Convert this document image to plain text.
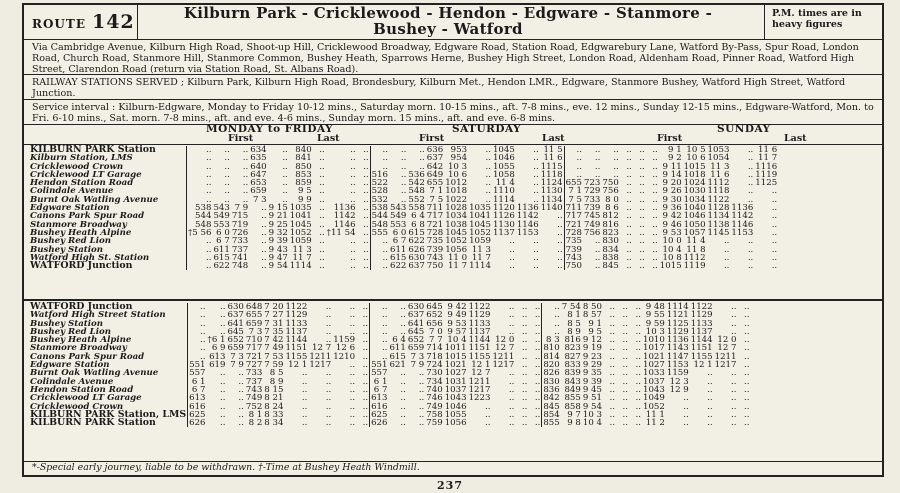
ROUTE 142	Kilburn Park - Cricklewood - Hendon - Edgware - Stanmore -
Bushey - Watford
P.M. times are in heavy figures
Via Cambridge Avenue, Kilburn High Road, Shoot-up Hill, Cricklewood Broadway, Edgware Road, Station Road, Edgwarebury Lane, Watford By-Pass, Spur Road, London Road, Church Road, Stanmore Hill, Stanmore Common, Bushey Heath, Sparrows Herne, Bushey High Street, London Road, Aldenham Road, Pinner Road, Watford High Street, Clarendon Road (return via Station Road, St. Albans Road).
RAILWAY STATIONS SERVED ; Kilburn Park, Kilburn High Road, Brondesbury, Kilburn Met., Hendon LMR., Edgware, Stanmore Bushey, Watford High Street, Watford Junction.
Service interval : Kilburn-Edgware, Monday to Friday 10-12 mins., Saturday morn. 10-15 mins., aft. 7-8 mins., eve. 12 mins., Sunday 12-15 mins., Edgware-Watford, Mon. to Fri. 6-10 mins., Sat. morn. 7-8 mins., aft. and eve. 4-6 mins., Sunday morn. 15 mins., aft. and eve. 6-8 mins.
MONDAY to FRIDAY	SATURDAY	SUNDAY
First	Last	First	Last	First	Last
KILBURN PARK Station	..	..	..	634	..	840	..	..	..	..	..	..	636	953	..	1045	..	11 5	..	..	..	..	..	..	9 1	10 5	1053	..	11 6
Kilburn Station, LMS	..	..	..	635	..	841	..	..	..	..	..	..	637	954	..	1046	..	11 6	..	..	..	..	..	..	9 2	10 6	1054	..	11 7
Cricklewood Crown	..	..	..	640	..	850	..	..	..	..	..	..	642	10 3	..	1055	..	1115	..	..	..	..	..	..	9 11	1015	11 3	..	1116
Cricklewood LT Garage	..	..	..	647	..	853	..	..	..	516	..	536	649	10 6	..	1058	..	1118	..	..	..	..	..	..	9 14	1018	11 6	..	1119
Hendon Station Road	..	..	..	653	..	859	..	..	..	522	..	542	655	1012	..	11 4	..	1124	655	723	750	..	..	..	9 20	1024	1112	..	1125
Colindale Avenue	..	..	..	659	..	9 5	..	..	..	528	..	548	7 1	1018	..	1110	..	1130	7 1	729	756	..	..	..	9 26	1030	1118	..	..
Burnt Oak Watling Avenue	..	..	..	7 3	..	9 9	..	..	..	532	..	552	7 5	1022	..	1114	..	1134	7 5	733	8 0	..	..	..	9 30	1034	1122	..	..
Edgware Station	538	543	7 9	..	9 15	1035	..	1136	..	538	543	558	711	1028	1035	1120	1136	1140	711	739	8 6	..	..	..	9 36	1040	1128	1136	..
Canons Park Spur Road	544	549	715	..	9 21	1041	..	1142	..	544	549	6 4	717	1034	1041	1126	1142	..	717	745	812	..	..	..	9 42	1046	1134	1142	..
Stanmore Broadway	548	553	719	..	9 25	1045	..	1146	..	548	553	6 8	721	1038	1045	1130	1146	..	721	749	816	..	..	..	9 46	1050	1138	1146	..
Bushey Heath Alpine	†5 56	6 0	726	..	9 32	1052	..	†11 54	..	555	6 0	615	728	1045	1052	1137	1153	..	728	756	823	..	..	..	9 53	1057	1145	1153	..
Bushey Red Lion	..	6 7	733	..	9 39	1059	..	..	..	..	6 7	622	735	1052	1059	..	..	..	735	..	830	..	..	..	10 0	11 4	..	..	..
Bushey Station	..	611	737	..	9 43	11 3	..	..	..	..	611	626	739	1056	11 3	..	..	..	739	..	834	..	..	..	10 4	11 8	..	..	..
Watford High St. Station	..	615	741	..	9 47	11 7	..	..	..	..	615	630	743	11 0	11 7	..	..	..	743	..	838	..	..	..	10 8	1112	..	..	..
WATFORD Junction	..	622	748	..	9 54	1114	..	..	..	..	622	637	750	11 7	1114	..	..	..	750	..	845	..	..	..	1015	1119	..	..	..
WATFORD Junction	..	..	630	648	7 20	1122	..	..	..	..	..	630	645	9 42	1122	..	..	..	..	7 54	8 50	..	..	..	9 48	1114	1122	..	..
Watford High Street Station	..	..	637	655	7 27	1129	..	..	..	..	..	637	652	9 49	1129	..	..	..	..	8 1	8 57	..	..	..	9 55	1121	1129	..	..
Bushey Station	..	..	641	659	7 31	1133	..	..	..	..	..	641	656	9 53	1133	..	..	..	..	8 5	9 1	..	..	..	9 59	1125	1133	..	..
Bushey Red Lion	..	..	645	7 3	7 35	1137	..	..	..	..	..	645	7 0	9 57	1137	..	..	..	..	8 9	9 5	..	..	..	10 3	1129	1137	..	..
Bushey Heath Alpine	..	†6 1	652	710	7 42	1144	..	1159	..	..	6 4	652	7 7	10 4	1144	12 0	..	..	8 3	816	9 12	..	..	..	1010	1136	1144	12 0	..
Stanmore Broadway	..	6 9	659	717	7 49	1151	12 7	12 6	..	..	611	659	714	1011	1151	12 7	..	..	810	823	9 19	..	..	..	1017	1143	1151	12 7	..
Canons Park Spur Road	..	613	7 3	721	7 53	1155	1211	1210	..	..	615	7 3	718	1015	1155	1211	..	..	814	827	9 23	..	..	..	1021	1147	1155	1211	..
Edgware Station	551	619	7 9	727	7 59	12 1	1217	..	..	551	621	7 9	724	1021	12 1	1217	..	..	820	833	9 29	..	..	..	1027	1153	12 1	1217	..
Burnt Oak Watling Avenue	557	..	..	733	8 5	..	..	..	..	557	..	..	730	1027	12 7	..	..	..	826	839	9 35	..	..	..	1033	1159	..	..	..
Colindale Avenue	6 1	..	..	737	8 9	..	..	..	..	6 1	..	..	734	1031	1211	..	..	..	830	843	9 39	..	..	..	1037	12 3	..	..	..
Hendon Station Road	6 7	..	..	743	8 15	..	..	..	..	6 7	..	..	740	1037	1217	..	..	..	836	849	9 45	..	..	..	1043	12 9	..	..	..
Cricklewood LT Garage	613	..	..	749	8 21	..	..	..	..	613	..	..	746	1043	1223	..	..	..	842	855	9 51	..	..	..	1049	..	..	..	..
Cricklewood Crown	616	..	..	752	8 24	..	..	..	..	616	..	..	749	1046	..	..	..	..	845	858	9 54	..	..	..	1052	..	..	..	..
KILBURN PARK Station, LMS	625	..	..	8 1	8 33	..	..	..	..	625	..	..	758	1055	..	..	..	..	854	9 7	10 3	..	..	..	11 1	..	..	..	..
KILBURN PARK Station	626	..	..	8 2	8 34	..	..	..	..	626	..	..	759	1056	..	..	..	..	855	9 8	10 4	..	..	..	11 2	..	..	..	..
*-Special early journey, liable to be withdrawn. †-Time at Bushey Heath Windmill.
237
